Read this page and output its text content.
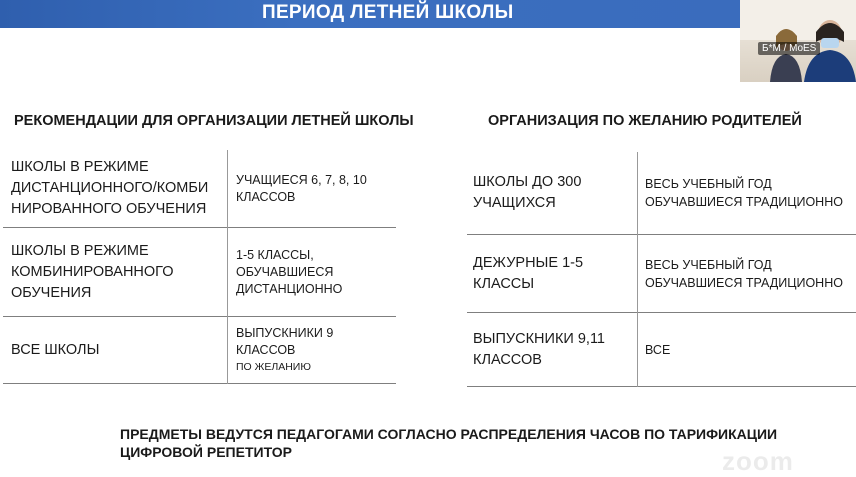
ПЕРИОД ЛЕТНЕЙ ШКОЛЫ
РЕКОМЕНДАЦИИ ДЛЯ ОРГАНИЗАЦИИ ЛЕТНЕЙ ШКОЛЫ	ОРГАНИЗАЦИЯ ПО ЖЕЛАНИЮ РОДИТЕЛЕЙ
ШКОЛЫ В РЕЖИМЕ ДИСТАНЦИОННОГО/КОМБИ НИРОВАННОГО ОБУЧЕНИЯ	УЧАЩИЕСЯ 6, 7, 8, 10 КЛАССОВ
ШКОЛЫ В РЕЖИМЕ КОМБИНИРОВАННОГО ОБУЧЕНИЯ	1-5 КЛАССЫ, ОБУЧАВШИЕСЯ ДИСТАНЦИОННО
ВСЕ ШКОЛЫ	ВЫПУСКНИКИ 9 КЛАССОВ
ПО ЖЕЛАНИЮ
ШКОЛЫ ДО 300 УЧАЩИХСЯ	ВЕСЬ УЧЕБНЫЙ ГОД ОБУЧАВШИЕСЯ ТРАДИЦИОННО
ДЕЖУРНЫЕ 1-5 КЛАССЫ	ВЕСЬ УЧЕБНЫЙ ГОД ОБУЧАВШИЕСЯ ТРАДИЦИОННО
ВЫПУСКНИКИ 9,11 КЛАССОВ	ВСЕ
ПРЕДМЕТЫ ВЕДУТСЯ ПЕДАГОГАМИ СОГЛАСНО РАСПРЕДЕЛЕНИЯ ЧАСОВ ПО ТАРИФИКАЦИИ
ЦИФРОВОЙ РЕПЕТИТОР
Б*М / MoES
zoom
